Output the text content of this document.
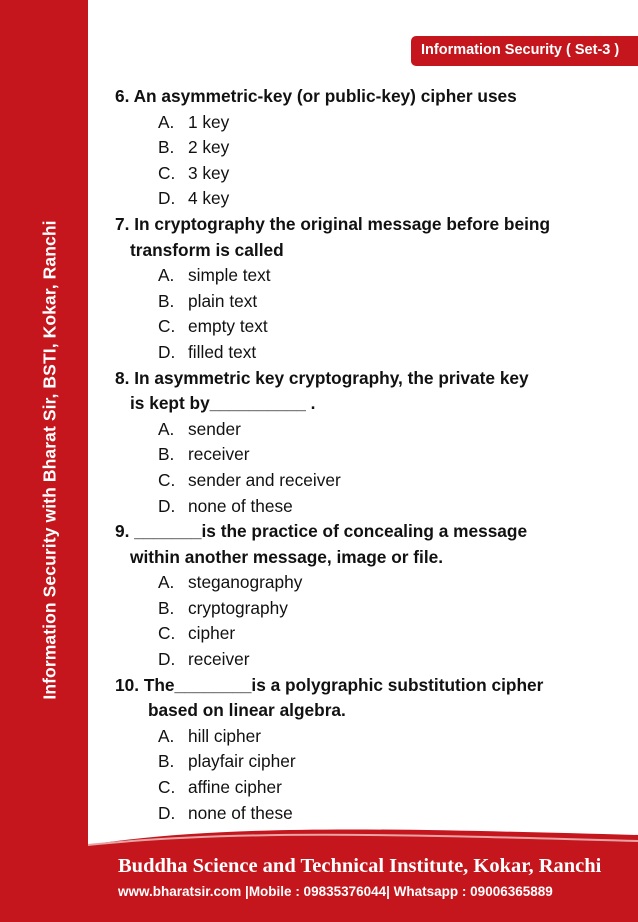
Information Security with Bharat Sir, BSTI, Kokar, Ranchi
Information Security ( Set-3 )
6. An asymmetric-key (or public-key) cipher uses
A. 1 key
B. 2 key
C. 3 key
D. 4 key
7. In cryptography the original message before being
transform is called
A. simple text
B. plain text
C. empty text
D. filled text
8. In asymmetric key cryptography, the private key
is kept by__________ .
A. sender
B. receiver
C. sender and receiver
D. none of these
9. _______is the practice of concealing a message
within another message, image or file.
A. steganography
B. cryptography
C. cipher
D. receiver
10. The________is a polygraphic substitution cipher
based on linear algebra.
A. hill cipher
B. playfair cipher
C. affine cipher
D. none of these
Buddha Science and Technical Institute, Kokar, Ranchi
www.bharatsir.com |Mobile : 09835376044| Whatsapp : 09006365889
